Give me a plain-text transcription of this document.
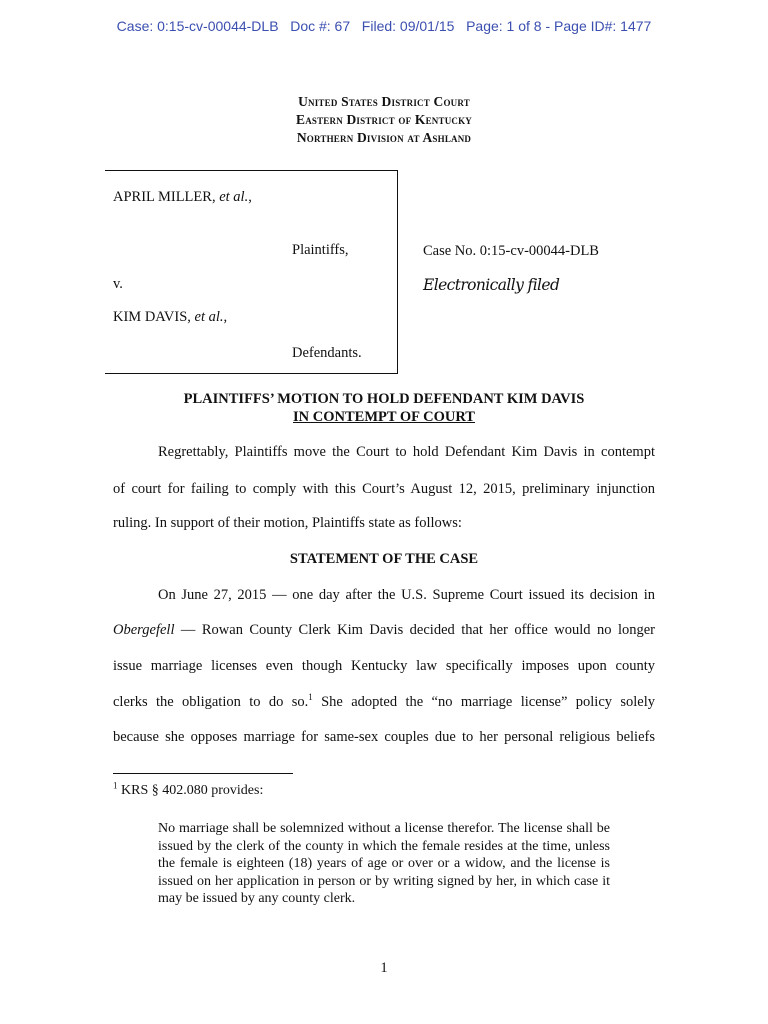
Case: 0:15-cv-00044-DLB   Doc #: 67   Filed: 09/01/15   Page: 1 of 8 - Page ID#: 1477
United States District Court
Eastern District of Kentucky
Northern Division at Ashland
APRIL MILLER, et al.,
Plaintiffs,
v.
KIM DAVIS, et al.,
Defendants.
Case No. 0:15-cv-00044-DLB
Electronically filed
PLAINTIFFS’ MOTION TO HOLD DEFENDANT KIM DAVIS
IN CONTEMPT OF COURT
Regrettably, Plaintiffs move the Court to hold Defendant Kim Davis in contempt
of court for failing to comply with this Court’s August 12, 2015, preliminary injunction
ruling. In support of their motion, Plaintiffs state as follows:
STATEMENT OF THE CASE
On June 27, 2015 — one day after the U.S. Supreme Court issued its decision in
Obergefell — Rowan County Clerk Kim Davis decided that her office would no longer
issue marriage licenses even though Kentucky law specifically imposes upon county
clerks the obligation to do so.$^1$ She adopted the “no marriage license” policy solely
because she opposes marriage for same-sex couples due to her personal religious beliefs
$^1$ KRS § 402.080 provides:
No marriage shall be solemnized without a license therefor. The license shall be issued by the clerk of the county in which the female resides at the time, unless the female is eighteen (18) years of age or over or a widow, and the license is issued on her application in person or by writing signed by her, in which case it may be issued by any county clerk.
1
